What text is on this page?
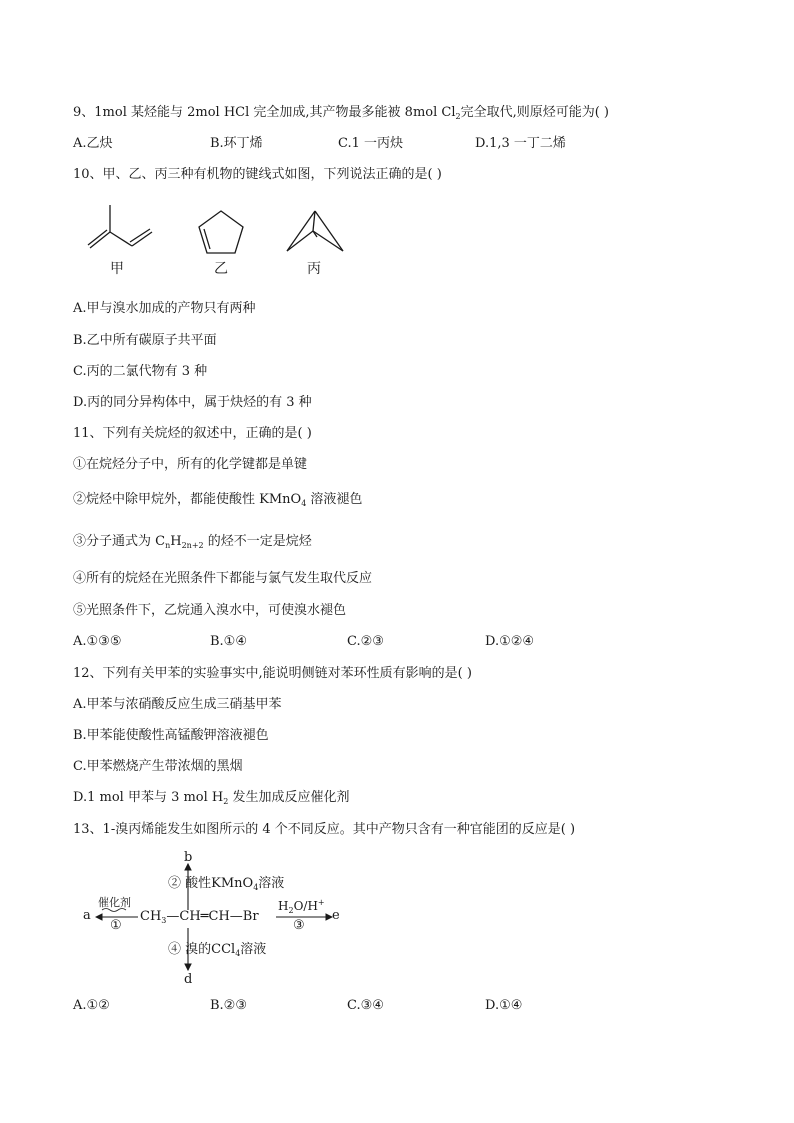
9、1mol 某烃能与 2mol HCl 完全加成,其产物最多能被 8mol $Cl_2$完全取代,则原烃可能为( )
A.乙炔	B.环丁烯	C.1 一丙炔	D.1,3 一丁二烯
10、甲、乙、丙三种有机物的键线式如图，下列说法正确的是( )
甲	乙	丙
A.甲与溴水加成的产物只有两种
B.乙中所有碳原子共平面
C.丙的二氯代物有 3 种
D.丙的同分异构体中，属于炔烃的有 3 种
11、下列有关烷烃的叙述中，正确的是( )
①在烷烃分子中，所有的化学键都是单键
②烷烃中除甲烷外，都能使酸性 KMnO$_4$ 溶液褪色
③分子通式为 $C_nH_{2n+2}$ 的烃不一定是烷烃
④所有的烷烃在光照条件下都能与氯气发生取代反应
⑤光照条件下，乙烷通入溴水中，可使溴水褪色
A.①③⑤	B.①④	C.②③	D.①②④
12、下列有关甲苯的实验事实中,能说明侧链对苯环性质有影响的是( )
A.甲苯与浓硝酸反应生成三硝基甲苯
B.甲苯能使酸性高锰酸钾溶液褪色
C.甲苯燃烧产生带浓烟的黑烟
D.1 mol 甲苯与 3 mol $H_2$ 发生加成反应催化剂
13、1-溴丙烯能发生如图所示的 4 个不同反应。其中产物只含有一种官能团的反应是( )
b
d
a	e
② 酸性KMnO$_4$溶液
④ 溴的CCl$_4$溶液
催化剂
①	③
$H_2O/H^+$
$CH_3—CH═CH—Br$
A.①②	B.②③	C.③④	D.①④
